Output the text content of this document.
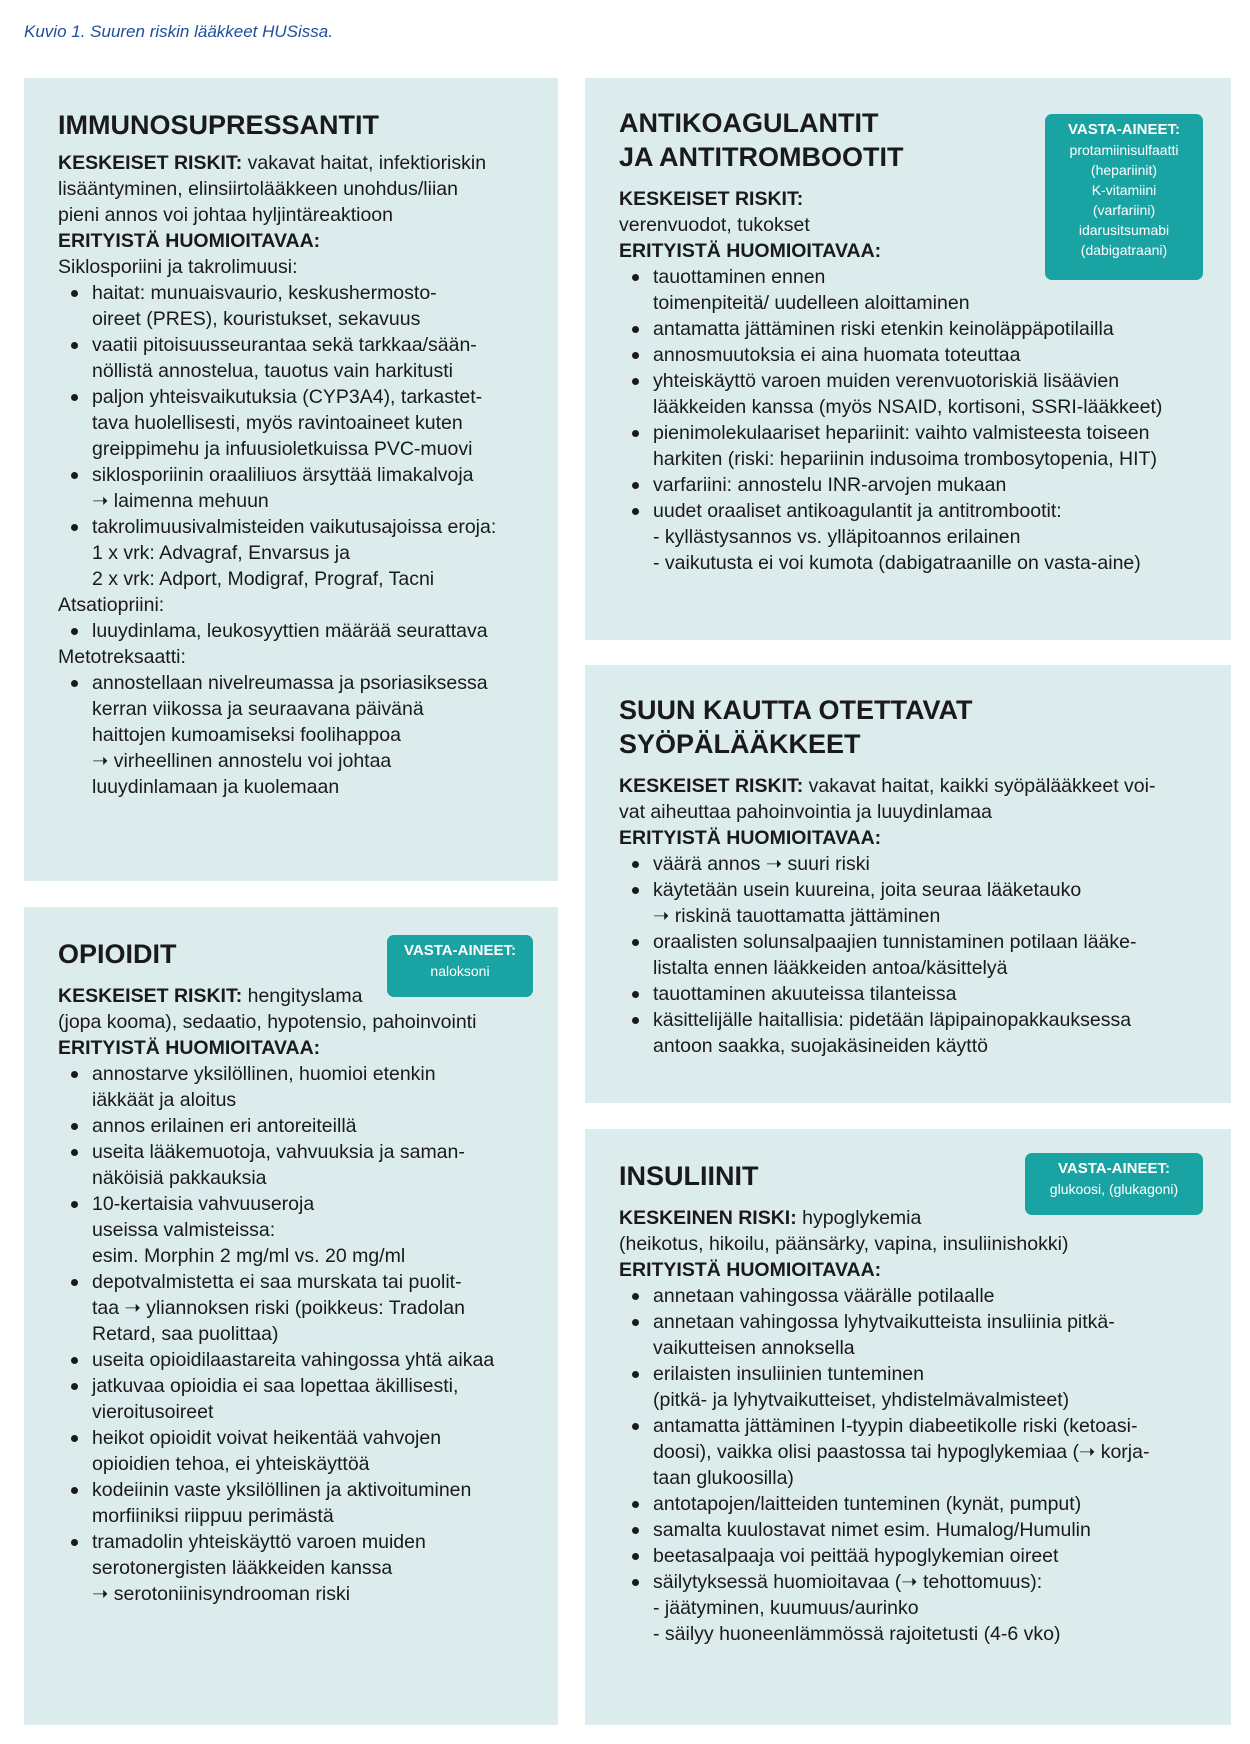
Kuvio 1. Suuren riskin lääkkeet HUSissa.
IMMUNOSUPRESSANTIT

KESKEISET RISKIT: vakavat haitat, infektioriskin
lisääntyminen, elinsiirtolääkkeen unohdus/liian
pieni annos voi johtaa hyljintäreaktioon

ERITYISTÄ HUOMIOITAVAA:

Siklosporiini ja takrolimuusi:

haitat: munuaisvaurio, keskushermosto-
oireet (PRES), kouristukset, sekavuus
vaatii pitoisuusseurantaa sekä tarkkaa/sään-
nöllistä annostelua, tauotus vain harkitusti
paljon yhteisvaikutuksia (CYP3A4), tarkastet-
tava huolellisesti, myös ravintoaineet kuten
greippimehu ja infuusioletkuissa PVC-muovi
siklosporiinin oraaliliuos ärsyttää limakalvoja
➝ laimenna mehuun
takrolimuusivalmisteiden vaikutusajoissa eroja:
1 x vrk: Advagraf, Envarsus ja
2 x vrk: Adport, Modigraf, Prograf, Tacni

Atsatiopriini:

luuydinlama, leukosyyttien määrää seurattava

Metotreksaatti:

annostellaan nivelreumassa ja psoriasiksessa
kerran viikossa ja seuraavana päivänä
haittojen kumoamiseksi foolihappoa
➝ virheellinen annostelu voi johtaa
luuydinlamaan ja kuolemaan
VASTA-AINEET:
naloksoni
OPIOIDIT

KESKEISET RISKIT: hengityslama
(jopa kooma), sedaatio, hypotensio, pahoinvointi

ERITYISTÄ HUOMIOITAVAA:

annostarve yksilöllinen, huomioi etenkin
iäkkäät ja aloitus
annos erilainen eri antoreiteillä
useita lääkemuotoja, vahvuuksia ja saman-
näköisiä pakkauksia
10-kertaisia vahvuuseroja
useissa valmisteissa:
esim. Morphin 2 mg/ml vs. 20 mg/ml
depotvalmistetta ei saa murskata tai puolit-
taa ➝ yliannoksen riski (poikkeus: Tradolan
Retard, saa puolittaa)
useita opioidilaastareita vahingossa yhtä aikaa
jatkuvaa opioidia ei saa lopettaa äkillisesti,
vieroitusoireet
heikot opioidit voivat heikentää vahvojen
opioidien tehoa, ei yhteiskäyttöä
kodeiinin vaste yksilöllinen ja aktivoituminen
morfiiniksi riippuu perimästä
tramadolin yhteiskäyttö varoen muiden
serotonergisten lääkkeiden kanssa
➝ serotoniinisyndrooman riski
VASTA-AINEET:
protamiinisulfaatti
(hepariinit)
K-vitamiini
(varfariini)
idarusitsumabi
(dabigatraani)
ANTIKOAGULANTIT
JA ANTITROMBOOTIT

KESKEISET RISKIT:

verenvuodot, tukokset

ERITYISTÄ HUOMIOITAVAA:

tauottaminen ennen
toimenpiteitä/ uudelleen aloittaminen
antamatta jättäminen riski etenkin keinoläppäpotilailla
annosmuutoksia ei aina huomata toteuttaa
yhteiskäyttö varoen muiden verenvuotoriskiä lisäävien
lääkkeiden kanssa (myös NSAID, kortisoni, SSRI-lääkkeet)
pienimolekulaariset hepariinit: vaihto valmisteesta toiseen
harkiten (riski: hepariinin indusoima trombosytopenia, HIT)
varfariini: annostelu INR-arvojen mukaan
uudet oraaliset antikoagulantit ja antitrombootit:
- kyllästysannos vs. ylläpitoannos erilainen
- vaikutusta ei voi kumota (dabigatraanille on vasta-aine)
SUUN KAUTTA OTETTAVAT
SYÖPÄLÄÄKKEET

KESKEISET RISKIT: vakavat haitat, kaikki syöpälääkkeet voi-
vat aiheuttaa pahoinvointia ja luuydinlamaa

ERITYISTÄ HUOMIOITAVAA:

väärä annos ➝ suuri riski
käytetään usein kuureina, joita seuraa lääketauko
➝ riskinä tauottamatta jättäminen
oraalisten solunsalpaajien tunnistaminen potilaan lääke-
listalta ennen lääkkeiden antoa/käsittelyä
tauottaminen akuuteissa tilanteissa
käsittelijälle haitallisia: pidetään läpipainopakkauksessa
antoon saakka, suojakäsineiden käyttö
VASTA-AINEET:
glukoosi, (glukagoni)
INSULIINIT

KESKEINEN RISKI: hypoglykemia
(heikotus, hikoilu, päänsärky, vapina, insuliinishokki)

ERITYISTÄ HUOMIOITAVAA:

annetaan vahingossa väärälle potilaalle
annetaan vahingossa lyhytvaikutteista insuliinia pitkä-
vaikutteisen annoksella
erilaisten insuliinien tunteminen
(pitkä- ja lyhytvaikutteiset, yhdistelmävalmisteet)
antamatta jättäminen I-tyypin diabeetikolle riski (ketoasi-
doosi), vaikka olisi paastossa tai hypoglykemiaa (➝ korja-
taan glukoosilla)
antotapojen/laitteiden tunteminen (kynät, pumput)
samalta kuulostavat nimet esim. Humalog/Humulin
beetasalpaaja voi peittää hypoglykemian oireet
säilytyksessä huomioitavaa (➝ tehottomuus):
- jäätyminen, kuumuus/aurinko
- säilyy huoneenlämmössä rajoitetusti (4-6 vko)
